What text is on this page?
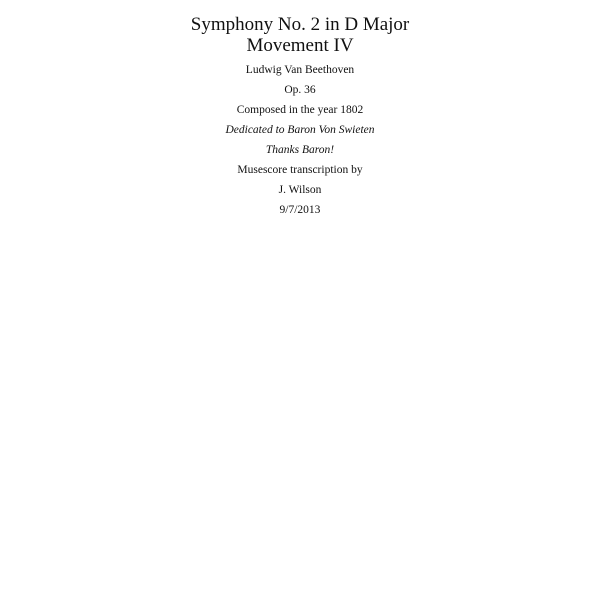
Symphony No. 2 in D Major
Movement IV
Ludwig Van Beethoven
Op. 36
Composed in the year 1802
Dedicated to Baron Von Swieten
Thanks Baron!
Musescore transcription by
J. Wilson
9/7/2013
